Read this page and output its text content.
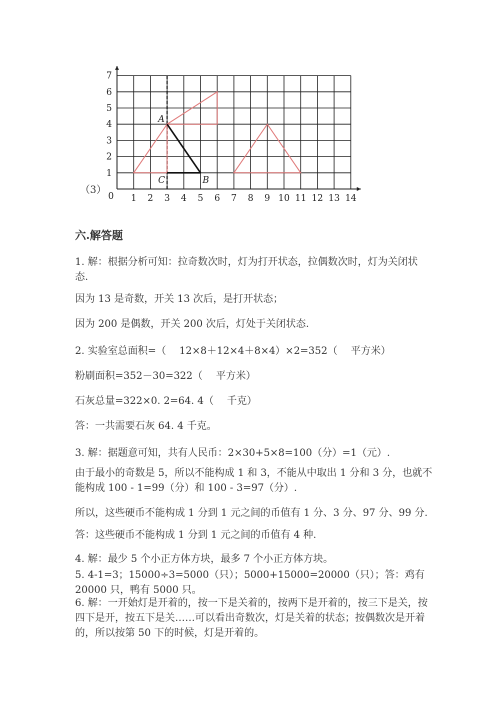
（3）
1 2 3 4 5 6 7 8 9 10 11 12 13 14
0
1
2
3
4
5
6
7
A
B
C
六.解答题
1. 解：根据分析可知：拉奇数次时，灯为打开状态，拉偶数次时，灯为关闭状
态.
因为 13 是奇数，开关 13 次后，是打开状态；
因为 200 是偶数，开关 200 次后，灯处于关闭状态.
2. 实验室总面积=（　 12×8＋12×4＋8×4）×2=352（　 平方米）
粉刷面积=352－30=322（　 平方米）
石灰总量=322×0. 2=64. 4（　 千克）
答：一共需要石灰 64. 4 千克。
3. 解：据题意可知，共有人民币：2×30+5×8=100（分）=1（元）.
由于最小的奇数是 5，所以不能构成 1 和 3，不能从中取出 1 分和 3 分，也就不能构成 100 - 1=99（分）和 100 - 3=97（分）.
所以，这些硬币不能构成 1 分到 1 元之间的币值有 1 分、3 分、97 分、99 分.
答：这些硬币不能构成 1 分到 1 元之间的币值有 4 种.
4. 解：最少 5 个小正方体方块，最多 7 个小正方体方块。
5. 4-1=3；15000÷3=5000（只）；5000+15000=20000（只）；答：鸡有 20000 只，鸭有 5000 只。
6. 解：一开始灯是开着的，按一下是关着的，按两下是开着的，按三下是关，按四下是开，按五下是关……可以看出奇数次，灯是关着的状态；按偶数次是开着的，所以按第 50 下的时候，灯是开着的。
